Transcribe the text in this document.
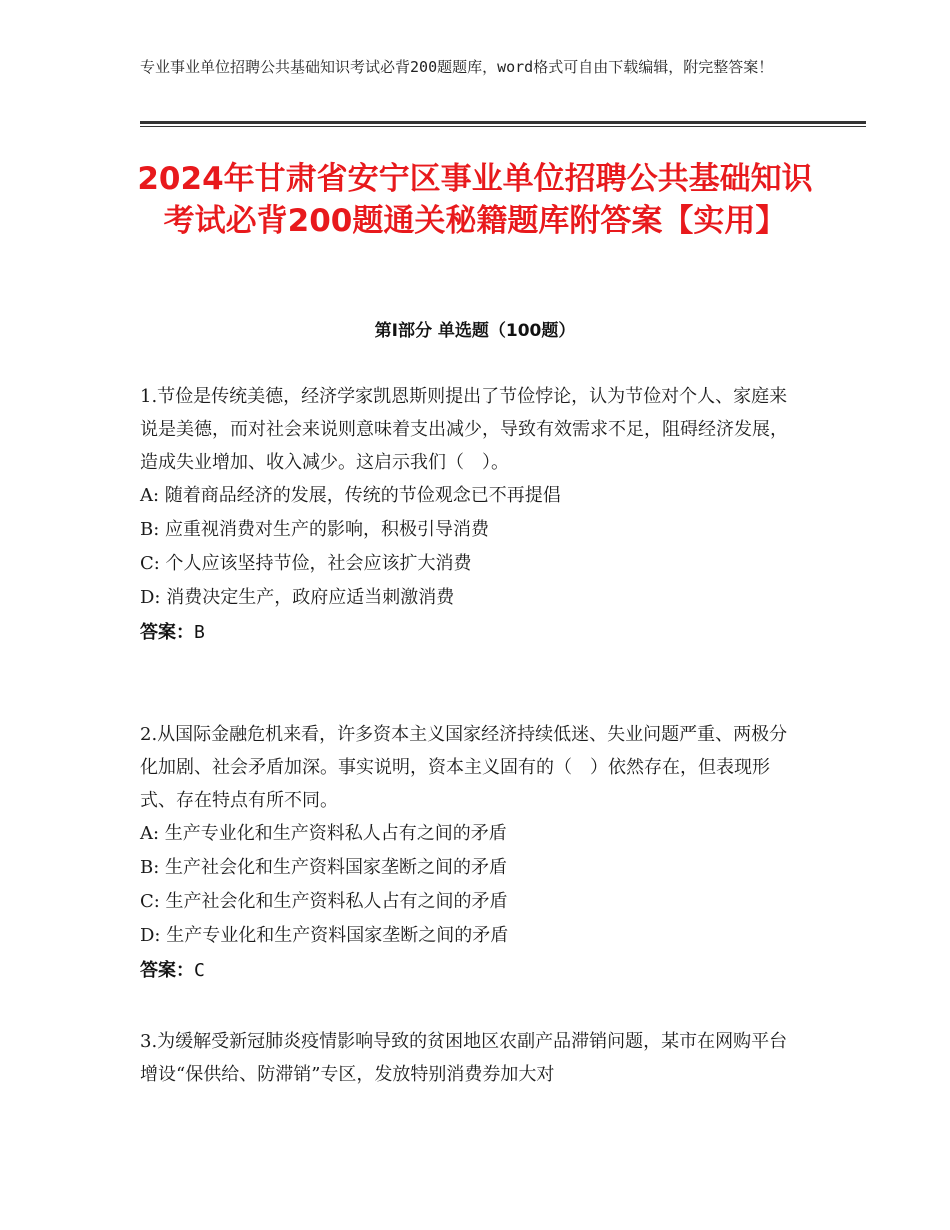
专业事业单位招聘公共基础知识考试必背200题题库，word格式可自由下载编辑，附完整答案！
2024年甘肃省安宁区事业单位招聘公共基础知识考试必背200题通关秘籍题库附答案【实用】
第Ⅰ部分 单选题（100题）
1.节俭是传统美德，经济学家凯恩斯则提出了节俭悖论，认为节俭对个人、家庭来说是美德，而对社会来说则意味着支出减少，导致有效需求不足，阻碍经济发展，造成失业增加、收入减少。这启示我们（　）。
A: 随着商品经济的发展，传统的节俭观念已不再提倡
B: 应重视消费对生产的影响，积极引导消费
C: 个人应该坚持节俭，社会应该扩大消费
D: 消费决定生产，政府应适当刺激消费
答案：B
2.从国际金融危机来看，许多资本主义国家经济持续低迷、失业问题严重、两极分化加剧、社会矛盾加深。事实说明，资本主义固有的（　）依然存在，但表现形式、存在特点有所不同。
A: 生产专业化和生产资料私人占有之间的矛盾
B: 生产社会化和生产资料国家垄断之间的矛盾
C: 生产社会化和生产资料私人占有之间的矛盾
D: 生产专业化和生产资料国家垄断之间的矛盾
答案：C
3.为缓解受新冠肺炎疫情影响导致的贫困地区农副产品滞销问题，某市在网购平台增设“保供给、防滞销”专区，发放特别消费券加大对
